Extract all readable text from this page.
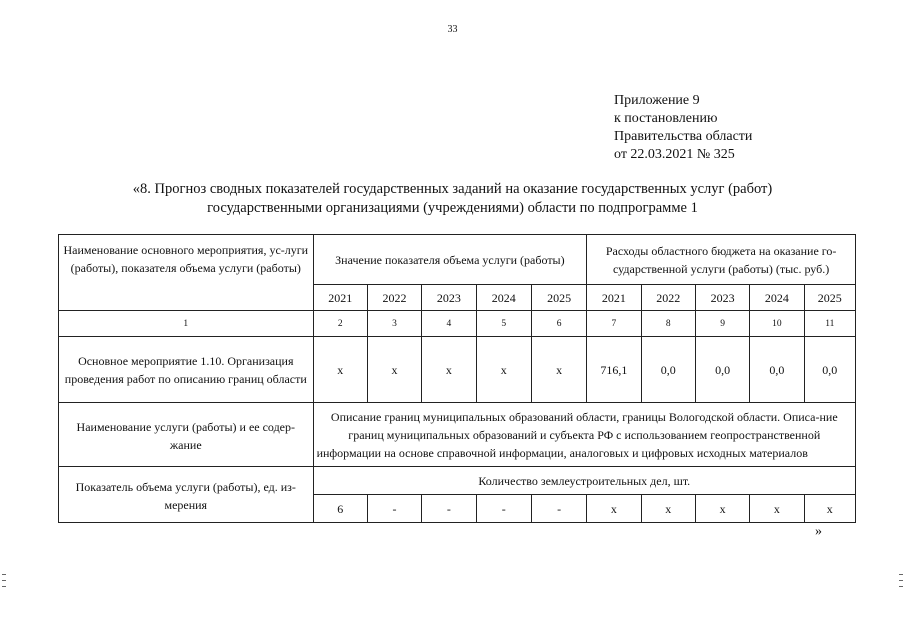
33
Приложение 9
к постановлению
Правительства области
от 22.03.2021 № 325
«8. Прогноз сводных показателей государственных заданий на оказание государственных услуг (работ)
государственными организациями (учреждениями) области по подпрограмме 1
Наименование основного мероприятия, ус-луги (работы), показателя объема услуги (работы)	Значение показателя объема услуги (работы)					Расходы областного бюджета на оказание го-сударственной услуги (работы) (тыс. руб.)				
	2021	2022	2023	2024	2025	2021	2022	2023	2024	2025
1	2	3	4	5	6	7	8	9	10	11
Основное мероприятие 1.10. Организация проведения работ по описанию границ области	x	x	x	x	x	716,1	0,0	0,0	0,0	0,0
Наименование услуги (работы) и ее содер-жание	Описание границ муниципальных образований области, границы Вологодской области. Описа-ние границ муниципальных образований и субъекта РФ с использованием геопространственной информации на основе справочной информации, аналоговых и цифровых исходных материалов									
Показатель объема услуги (работы), ед. из-мерения	Количество землеустроительных дел, шт.									
	6	-	-	-	-	x	x	x	x	x
»
